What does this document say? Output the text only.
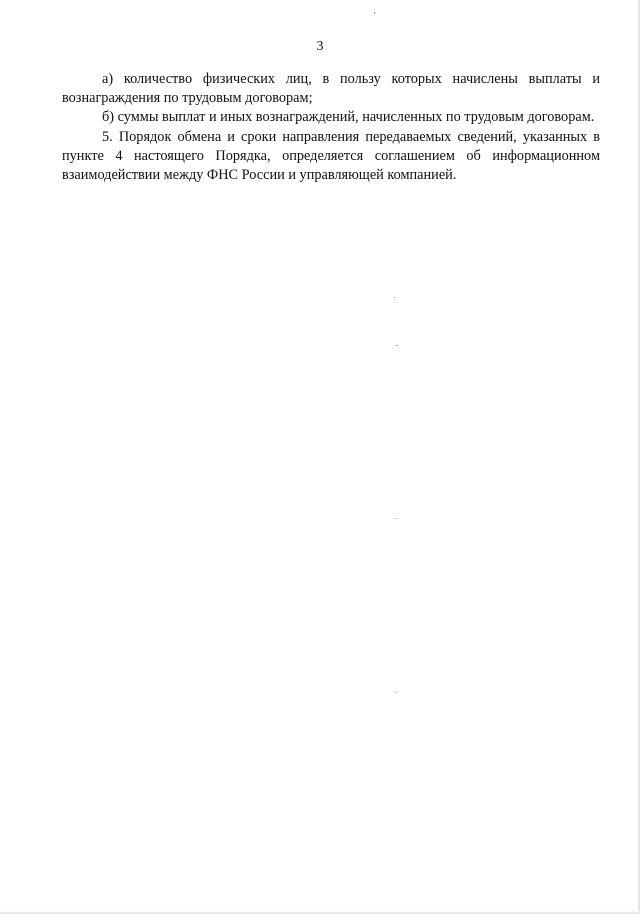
3

а) количество физических лиц, в пользу которых начислены выплаты и вознаграждения по трудовым договорам;

б) суммы выплат и иных вознаграждений, начисленных по трудовым договорам.

5. Порядок обмена и сроки направления передаваемых сведений, указанных в пункте 4 настоящего Порядка, определяется соглашением об информационном взаимодействии между ФНС России и управляющей компанией.
